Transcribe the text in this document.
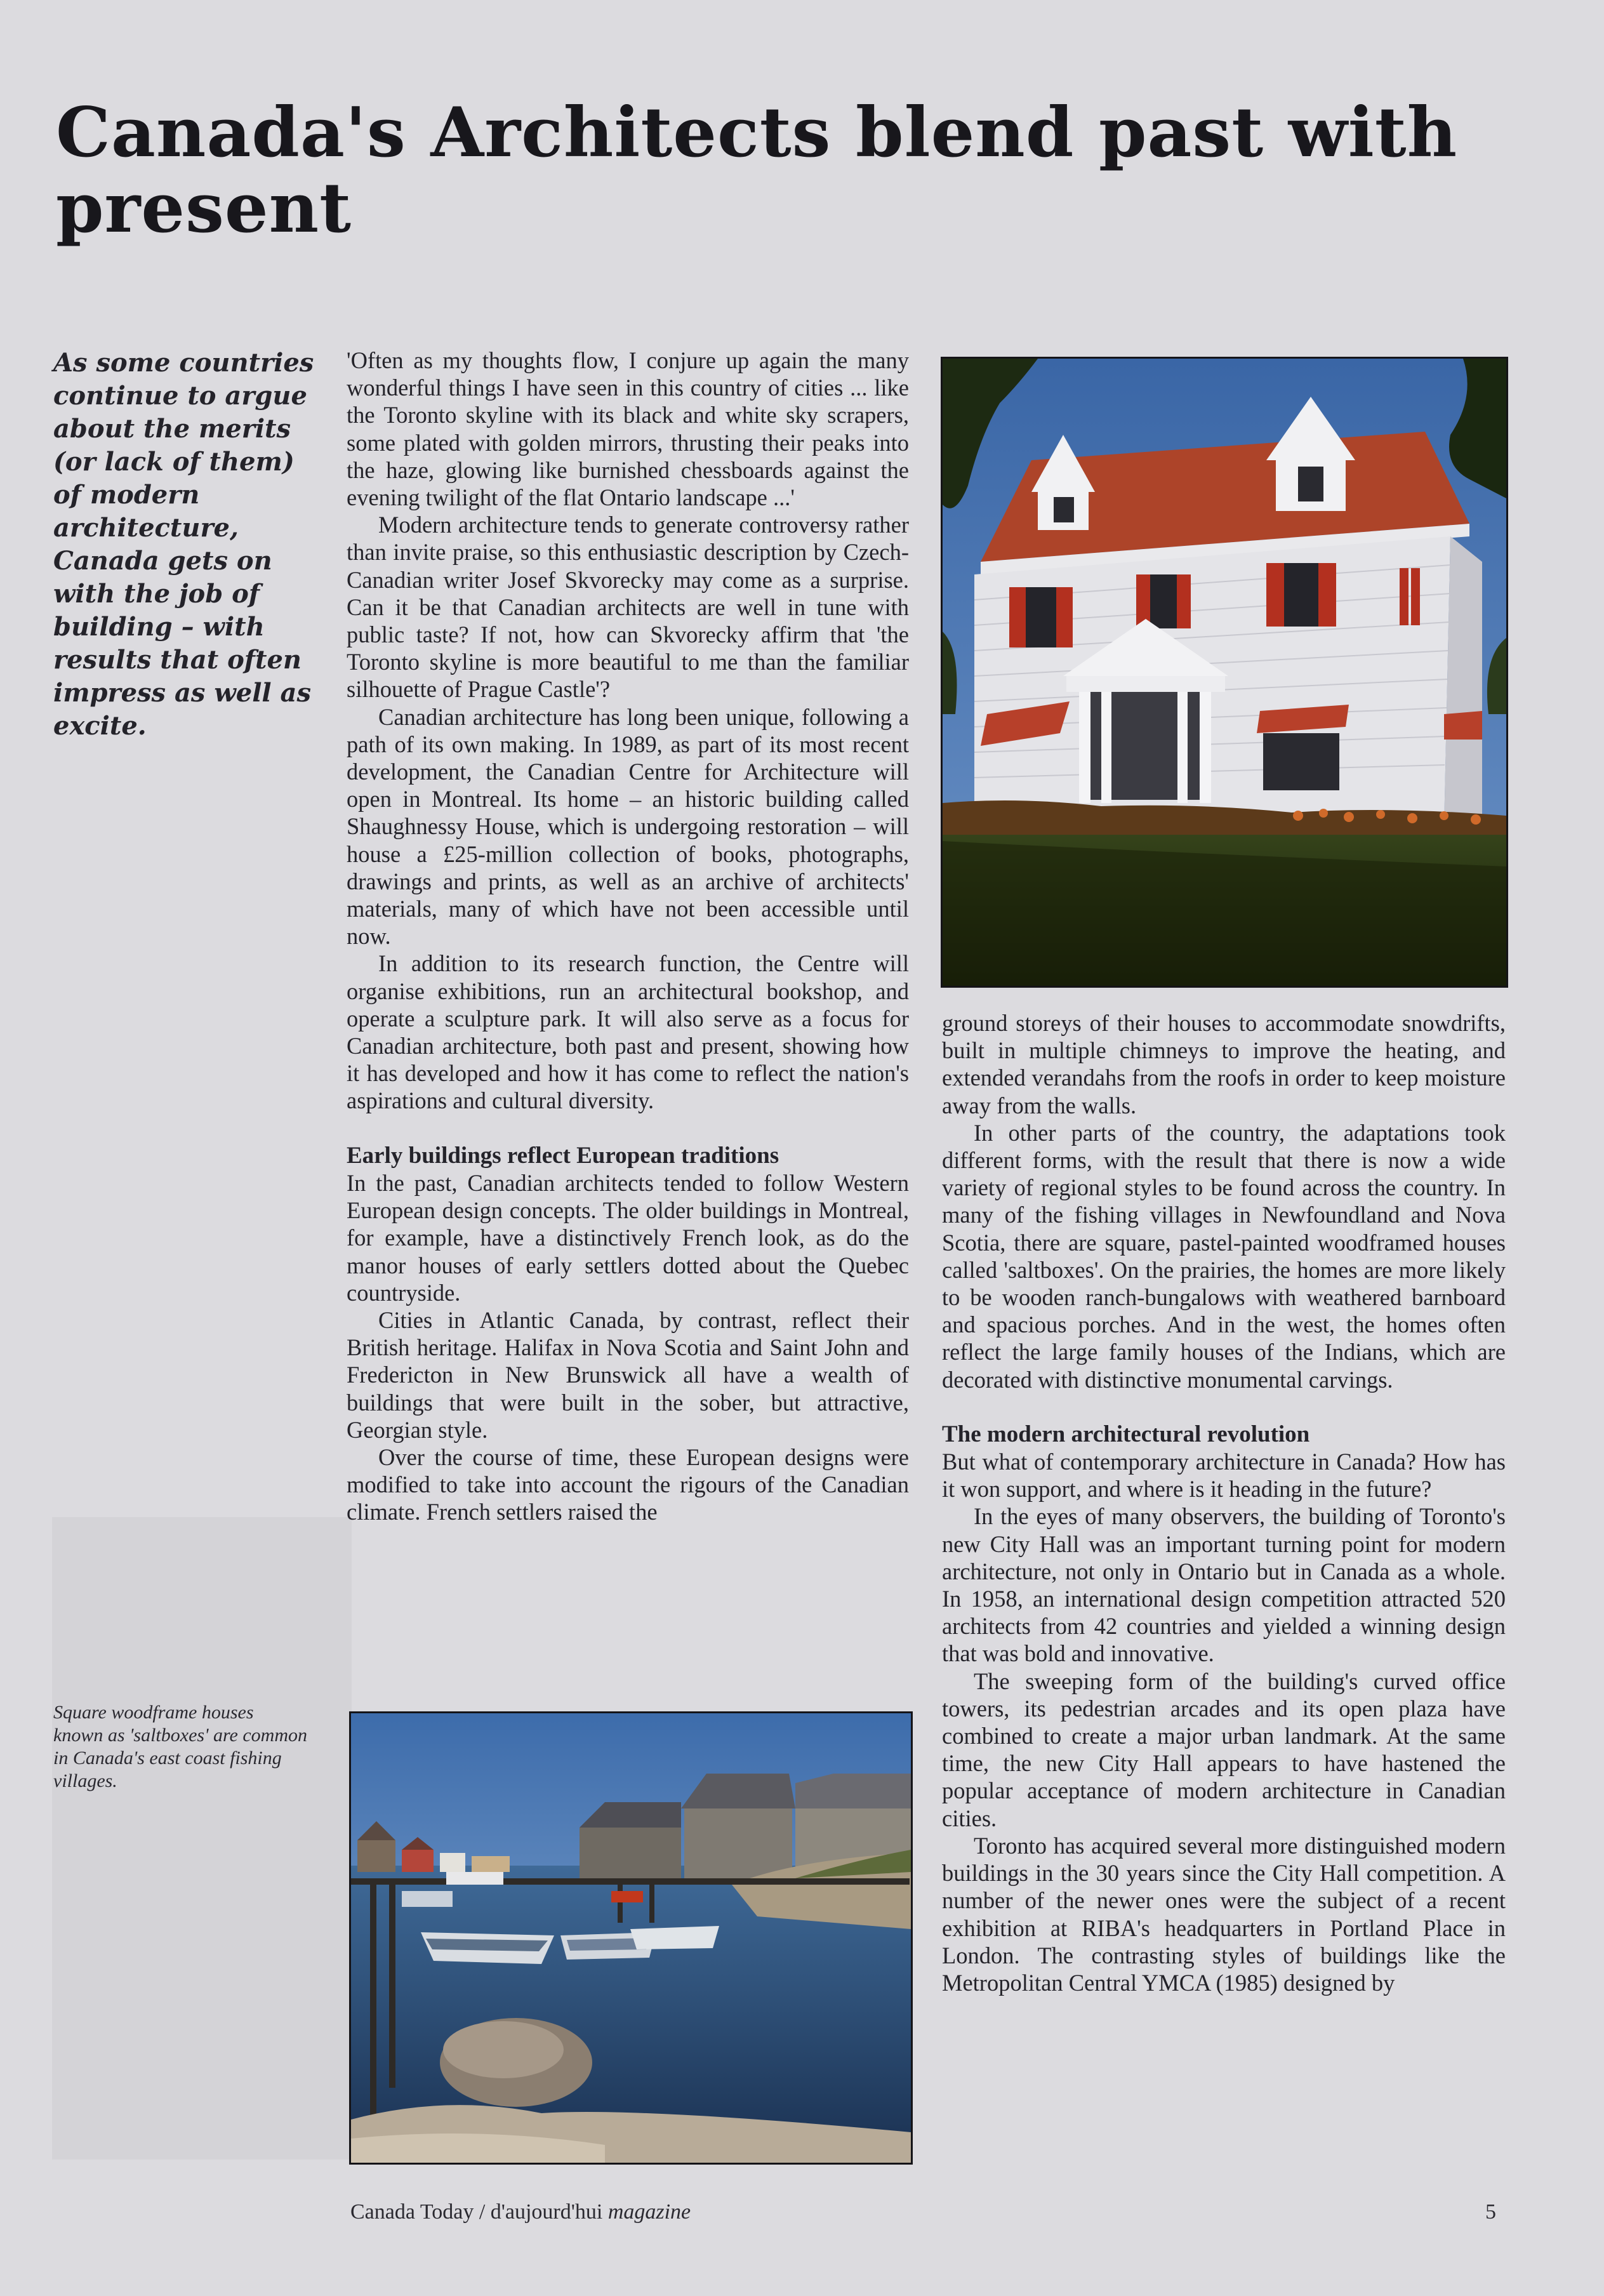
Canada's Architects blend past with present
As some countries continue to argue about the merits (or lack of them) of modern architecture, Canada gets on with the job of building – with results that often impress as well as excite.
Square woodframe houses known as 'saltboxes' are common in Canada's east coast fishing villages.

'Often as my thoughts flow, I conjure up again the many wonderful things I have seen in this country of cities ... like the Toronto skyline with its black and white sky scrapers, some plated with golden mirrors, thrusting their peaks into the haze, glowing like burnished chessboards against the evening twilight of the flat Ontario landscape ...'

Modern architecture tends to generate controversy rather than invite praise, so this enthusiastic description by Czech-Canadian writer Josef Skvorecky may come as a surprise. Can it be that Canadian architects are well in tune with public taste? If not, how can Skvorecky affirm that 'the Toronto skyline is more beautiful to me than the familiar silhouette of Prague Castle'?

Canadian architecture has long been unique, following a path of its own making. In 1989, as part of its most recent development, the Canadian Centre for Architecture will open in Montreal. Its home – an historic building called Shaughnessy House, which is undergoing restoration – will house a £25-million collection of books, photographs, drawings and prints, as well as an archive of architects' materials, many of which have not been accessible until now.

In addition to its research function, the Centre will organise exhibitions, run an architectural bookshop, and operate a sculpture park. It will also serve as a focus for Canadian architecture, both past and present, showing how it has developed and how it has come to reflect the nation's aspirations and cultural diversity.

Early buildings reflect European traditions

In the past, Canadian architects tended to follow Western European design concepts. The older buildings in Montreal, for example, have a distinctively French look, as do the manor houses of early settlers dotted about the Quebec countryside.

Cities in Atlantic Canada, by contrast, reflect their British heritage. Halifax in Nova Scotia and Saint John and Fredericton in New Brunswick all have a wealth of buildings that were built in the sober, but attractive, Georgian style.

Over the course of time, these European designs were modified to take into account the rigours of the Canadian climate. French settlers raised the

ground storeys of their houses to accommodate snowdrifts, built in multiple chimneys to improve the heating, and extended verandahs from the roofs in order to keep moisture away from the walls.

In other parts of the country, the adaptations took different forms, with the result that there is now a wide variety of regional styles to be found across the country. In many of the fishing villages in Newfoundland and Nova Scotia, there are square, pastel-painted woodframed houses called 'saltboxes'. On the prairies, the homes are more likely to be wooden ranch-bungalows with weathered barnboard and spacious porches. And in the west, the homes often reflect the large family houses of the Indians, which are decorated with distinctive monumental carvings.

The modern architectural revolution

But what of contemporary architecture in Canada? How has it won support, and where is it heading in the future?

In the eyes of many observers, the building of Toronto's new City Hall was an important turning point for modern architecture, not only in Ontario but in Canada as a whole. In 1958, an international design competition attracted 520 architects from 42 countries and yielded a winning design that was bold and innovative.

The sweeping form of the building's curved office towers, its pedestrian arcades and its open plaza have combined to create a major urban landmark. At the same time, the new City Hall appears to have hastened the popular acceptance of modern architecture in Canadian cities.

Toronto has acquired several more distinguished modern buildings in the 30 years since the City Hall competition. A number of the newer ones were the subject of a recent exhibition at RIBA's headquarters in Portland Place in London. The contrasting styles of buildings like the Metropolitan Central YMCA (1985) designed by

Canada Today / d'aujourd'hui magazine	5
